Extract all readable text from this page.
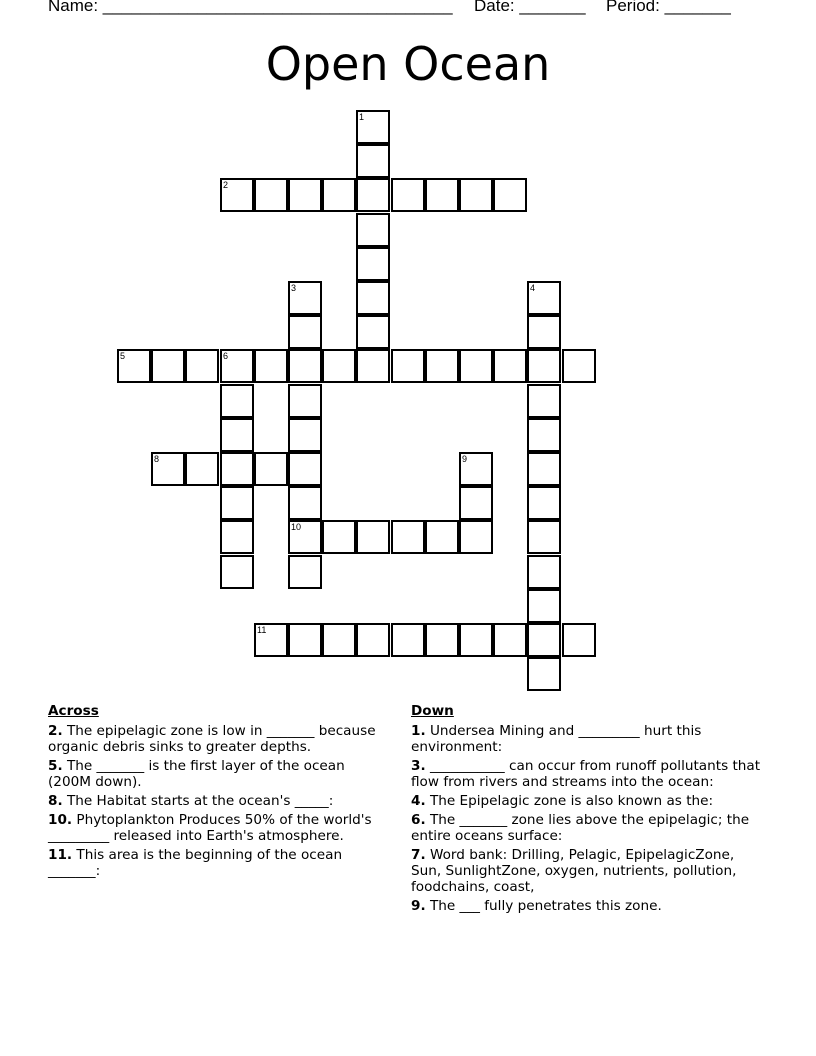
Name: _____________________________________ Date: _______ Period: _______
Open Ocean
1
2
3
10
4
5	6
8	9
11
Across
2. The epipelagic zone is low in _______ because organic debris sinks to greater depths.
5. The _______ is the first layer of the ocean (200M down).
8. The Habitat starts at the ocean's _____:
10. Phytoplankton Produces 50% of the world's _________ released into Earth's atmosphere.
11. This area is the beginning of the ocean _______:
Down
1. Undersea Mining and _________ hurt this environment:
3. ___________ can occur from runoff pollutants that flow from rivers and streams into the ocean:
4. The Epipelagic zone is also known as the:
6. The _______ zone lies above the epipelagic; the entire oceans surface:
7. Word bank: Drilling, Pelagic, EpipelagicZone, Sun, SunlightZone, oxygen, nutrients, pollution, foodchains, coast,
9. The ___ fully penetrates this zone.
